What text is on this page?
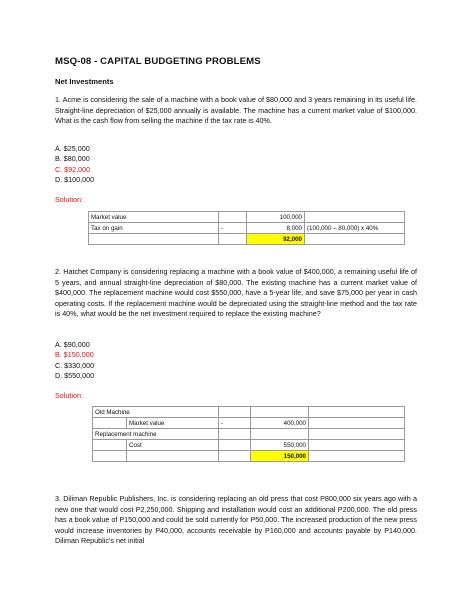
MSQ-08 - CAPITAL BUDGETING PROBLEMS
Net Investments
1. Acme is considering the sale of a machine with a book value of $80,000 and 3 years remaining in its useful life. Straight-line depreciation of $25,000 annually is available. The machine has a current market value of $100,000. What is the cash flow from selling the machine if the tax rate is 40%.
A. $25,000
B. $80,000
C. $92,000
D. $100,000
Solution:
Market value		100,000	
Tax on gain	-	8,000	(100,000 – 80,000) x 40%
		92,000	
2. Hatchet Company is considering replacing a machine with a book value of $400,000, a remaining useful life of 5 years, and annual straight-line depreciation of $80,000. The existing machine has a current market value of $400,000. The replacement machine would cost $550,000, have a 5-year life, and save $75,000 per year in cash operating costs. If the replacement machine would be depreciated using the straight-line method and the tax rate is 40%, what would be the net investment required to replace the existing machine?
A. $90,000
B. $150,000
C. $330,000
D. $550,000
Solution:
Old Machine				
	Market value	-	400,000	
Replacement machine				
	Cost		550,000	
			150,000	
3. Diliman Republic Publishers, Inc. is considering replacing an old press that cost P800,000 six years ago with a new one that would cost P2,250,000. Shipping and installation would cost an additional P200,000. The old press has a book value of P150,000 and could be sold currently for P50,000. The increased production of the new press would increase inventories by P40,000, accounts receivable by P160,000 and accounts payable by P140,000. Diliman Republic’s net initial
